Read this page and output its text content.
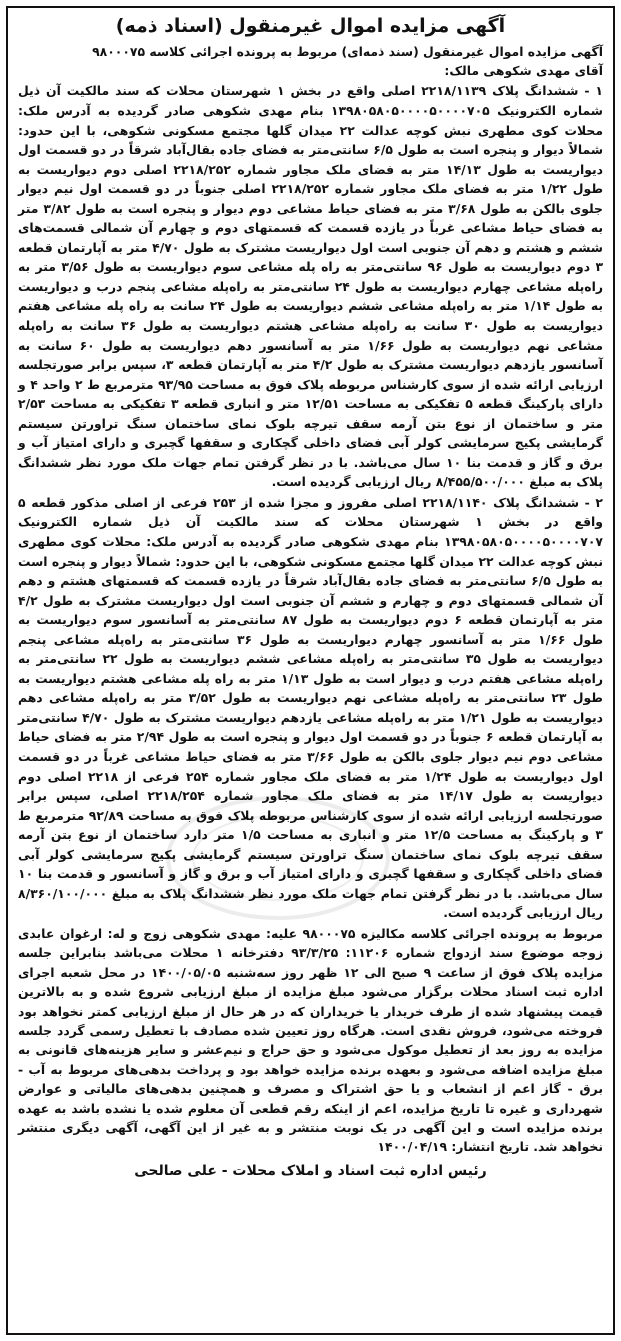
آگهی مزایده اموال غیرمنقول (اسناد ذمه)
آگهی مزایده اموال غیرمنقول (سند ذمه‌ای) مربوط به پرونده اجرائی کلاسه ۹۸۰۰۰۷۵
آقای مهدی شکوهی مالک:

۱ - ششدانگ پلاک ۲۲۱۸/۱۱۳۹ اصلی واقع در بخش ۱ شهرستان محلات که سند مالکیت آن ذیل شماره الکترونیک ۱۳۹۸۰۵۸۰۵۰۰۰۰۵۰۰۰۰۷۰۵ بنام مهدی شکوهی صادر گردیده به آدرس ملک: محلات کوی مطهری نبش کوچه عدالت ۲۲ میدان گلها مجتمع مسکونی شکوهی، با این حدود: شمالاً دیوار و پنجره است به طول ۶/۵ سانتی‌متر به فضای جاده بقال‌آباد شرقاً در دو قسمت اول دیواریست به طول ۱۴/۱۳ متر به فضای ملک مجاور شماره ۲۲۱۸/۲۵۲ اصلی دوم دیواریست به طول ۱/۲۲ متر به فضای ملک مجاور شماره ۲۲۱۸/۲۵۲ اصلی جنوباً در دو قسمت اول نیم دیوار جلوی بالکن به طول ۳/۶۸ متر به فضای حیاط مشاعی دوم دیوار و پنجره است به طول ۳/۸۲ متر به فضای حیاط مشاعی غرباً در یازده قسمت که قسمتهای دوم و چهارم آن شمالی قسمت‌های ششم و هشتم و دهم آن جنوبی است اول دیواریست مشترک به طول ۴/۷۰ متر به آپارتمان قطعه ۳ دوم دیواریست به طول ۹۶ سانتی‌متر به راه پله مشاعی سوم دیواریست به طول ۳/۵۶ متر به راه‌پله مشاعی چهارم دیواریست به طول ۲۴ سانتی‌متر به راه‌پله مشاعی پنجم درب و دیواریست به طول ۱/۱۴ متر به راه‌پله مشاعی ششم دیواریست به طول ۲۴ سانت به راه پله مشاعی هفتم دیواریست به طول ۳۰ سانت به راه‌پله مشاعی هشتم دیواریست به طول ۳۶ سانت به راه‌پله مشاعی نهم دیواریست به طول ۱/۶۶ متر به آسانسور دهم دیواریست به طول ۶۰ سانت به آسانسور یازدهم دیواریست مشترک به طول ۴/۲ متر به آپارتمان قطعه ۳، سپس برابر صورتجلسه ارزیابی ارائه شده از سوی کارشناس مربوطه پلاک فوق به مساحت ۹۳/۹۵ مترمربع ط ۲ واحد ۴ و دارای پارکینگ قطعه ۵ تفکیکی به مساحت ۱۲/۵۱ متر و انباری قطعه ۳ تفکیکی به مساحت ۲/۵۳ متر و ساختمان از نوع بتن آرمه سقف تیرچه بلوک نمای ساختمان سنگ تراورتن سیستم گرمایشی پکیج سرمایشی کولر آبی فضای داخلی گچکاری و سقفها گچبری و دارای امتیاز آب و برق و گاز و قدمت بنا ۱۰ سال می‌باشد. با در نظر گرفتن تمام جهات ملک مورد نظر ششدانگ پلاک به مبلغ ۸/۴۵۵/۵۰۰/۰۰۰ ریال ارزیابی گردیده است.

۲ - ششدانگ پلاک ۲۲۱۸/۱۱۴۰ اصلی مفروز و مجزا شده از ۲۵۳ فرعی از اصلی مذکور قطعه ۵ واقع در بخش ۱ شهرستان محلات که سند مالکیت آن ذیل شماره الکترونیک ۱۳۹۸۰۵۸۰۵۰۰۰۰۵۰۰۰۰۷۰۷ بنام مهدی شکوهی صادر گردیده به آدرس ملک: محلات کوی مطهری نبش کوچه عدالت ۲۲ میدان گلها مجتمع مسکونی شکوهی، با این حدود: شمالاً دیوار و پنجره است به طول ۶/۵ سانتی‌متر به فضای جاده بقال‌آباد شرقاً در یازده قسمت که قسمتهای هشتم و دهم آن شمالی قسمتهای دوم و چهارم و ششم آن جنوبی است اول دیواریست مشترک به طول ۴/۲ متر به آپارتمان قطعه ۶ دوم دیواریست به طول ۸۷ سانتی‌متر به آسانسور سوم دیواریست به طول ۱/۶۶ متر به آسانسور چهارم دیواریست به طول ۳۶ سانتی‌متر به راه‌پله مشاعی پنجم دیواریست به طول ۳۵ سانتی‌متر به راه‌پله مشاعی ششم دیواریست به طول ۲۲ سانتی‌متر به راه‌پله مشاعی هفتم درب و دیوار است به طول ۱/۱۳ متر به راه پله مشاعی هشتم دیواریست به طول ۲۳ سانتی‌متر به راه‌پله مشاعی نهم دیواریست به طول ۳/۵۲ متر به راه‌پله مشاعی دهم دیواریست به طول ۱/۲۱ متر به راه‌پله مشاعی یازدهم دیواریست مشترک به طول ۴/۷۰ سانتی‌متر به آپارتمان قطعه ۶ جنوباً در دو قسمت اول دیوار و پنجره است به طول ۲/۹۴ متر به فضای حیاط مشاعی دوم نیم دیوار جلوی بالکن به طول ۳/۶۶ متر به فضای حیاط مشاعی غرباً در دو قسمت اول دیواریست به طول ۱/۲۴ متر به فضای ملک مجاور شماره ۲۵۴ فرعی از ۲۲۱۸ اصلی دوم دیواریست به طول ۱۴/۱۷ متر به فضای ملک مجاور شماره ۲۲۱۸/۲۵۴ اصلی، سپس برابر صورتجلسه ارزیابی ارائه شده از سوی کارشناس مربوطه پلاک فوق به مساحت ۹۲/۸۹ مترمربع ط ۳ و پارکینگ به مساحت ۱۲/۵ متر و انباری به مساحت ۱/۵ متر دارد ساختمان از نوع بتن آرمه سقف تیرچه بلوک نمای ساختمان سنگ تراورتن سیستم گرمایشی پکیج سرمایشی کولر آبی فضای داخلی گچکاری و سقفها گچبری و دارای امتیاز آب و برق و گاز و آسانسور و قدمت بنا ۱۰ سال می‌باشد. با در نظر گرفتن تمام جهات ملک مورد نظر ششدانگ پلاک به مبلغ ۸/۳۶۰/۱۰۰/۰۰۰ ریال ارزیابی گردیده است.

مربوط به پرونده اجرائی کلاسه مکالیزه ۹۸۰۰۰۷۵ علیه: مهدی شکوهی زوج و له: ارغوان عابدی زوجه موضوع سند ازدواج شماره ۱۱۲۰۶: ۹۳/۳/۲۵ دفترخانه ۱ محلات می‌باشد بنابراین جلسه مزایده پلاک فوق از ساعت ۹ صبح الی ۱۲ ظهر روز سه‌شنبه ۱۴۰۰/۰۵/۰۵ در محل شعبه اجرای اداره ثبت اسناد محلات برگزار می‌شود مبلغ مزایده از مبلغ ارزیابی شروع شده و به بالاترین قیمت پیشنهاد شده از طرف خریدار یا خریداران که در هر حال از مبلغ ارزیابی کمتر نخواهد بود فروخته می‌شود، فروش نقدی است. هرگاه روز تعیین شده مصادف با تعطیل رسمی گردد جلسه مزایده به روز بعد از تعطیل موکول می‌شود و حق حراج و نیم‌عشر و سایر هزینه‌های قانونی به مبلغ مزایده اضافه می‌شود و بعهده برنده مزایده خواهد بود و پرداخت بدهی‌های مربوط به آب - برق - گاز اعم از انشعاب و یا حق اشتراک و مصرف و همچنین بدهی‌های مالیاتی و عوارض شهرداری و غیره تا تاریخ مزایده، اعم از اینکه رقم قطعی آن معلوم شده یا نشده باشد به عهده برنده مزایده است و این آگهی در یک نوبت منتشر و به غیر از این آگهی، آگهی دیگری منتشر نخواهد شد. تاریخ انتشار: ۱۴۰۰/۰۴/۱۹

رئیس اداره ثبت اسناد و املاک محلات - علی صالحی
